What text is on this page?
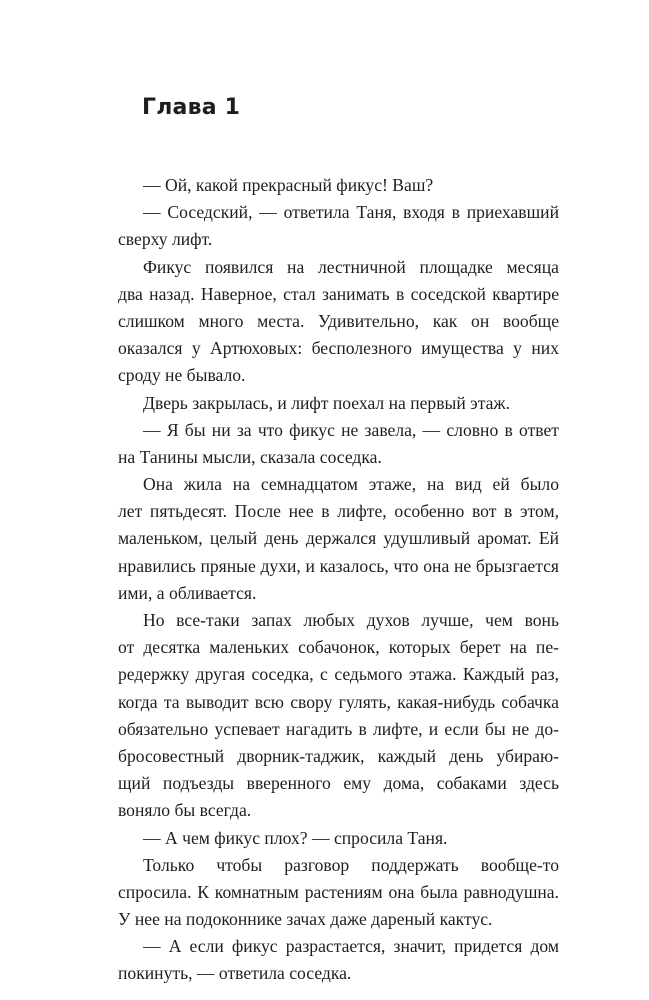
Глава 1
— Ой, какой прекрасный фикус! Ваш?
— Соседский, — ответила Таня, входя в приехавший
сверху лифт.
Фикус появился на лестничной площадке месяца
два назад. Наверное, стал занимать в соседской квартире
слишком много места. Удивительно, как он вообще
оказался у Артюховых: бесполезного имущества у них
сроду не бывало.
Дверь закрылась, и лифт поехал на первый этаж.
— Я бы ни за что фикус не завела, — словно в ответ
на Танины мысли, сказала соседка.
Она жила на семнадцатом этаже, на вид ей было
лет пятьдесят. После нее в лифте, особенно вот в этом,
маленьком, целый день держался удушливый аромат. Ей
нравились пряные духи, и казалось, что она не брызгается
ими, а обливается.
Но все-таки запах любых духов лучше, чем вонь
от десятка маленьких собачонок, которых берет на пе-
редержку другая соседка, с седьмого этажа. Каждый раз,
когда та выводит всю свору гулять, какая-нибудь собачка
обязательно успевает нагадить в лифте, и если бы не до-
бросовестный дворник-таджик, каждый день убираю-
щий подъезды вверенного ему дома, собаками здесь
воняло бы всегда.
— А чем фикус плох? — спросила Таня.
Только чтобы разговор поддержать вообще-то
спросила. К комнатным растениям она была равнодушна.
У нее на подоконнике зачах даже дареный кактус.
— А если фикус разрастается, значит, придется дом
покинуть, — ответила соседка.
